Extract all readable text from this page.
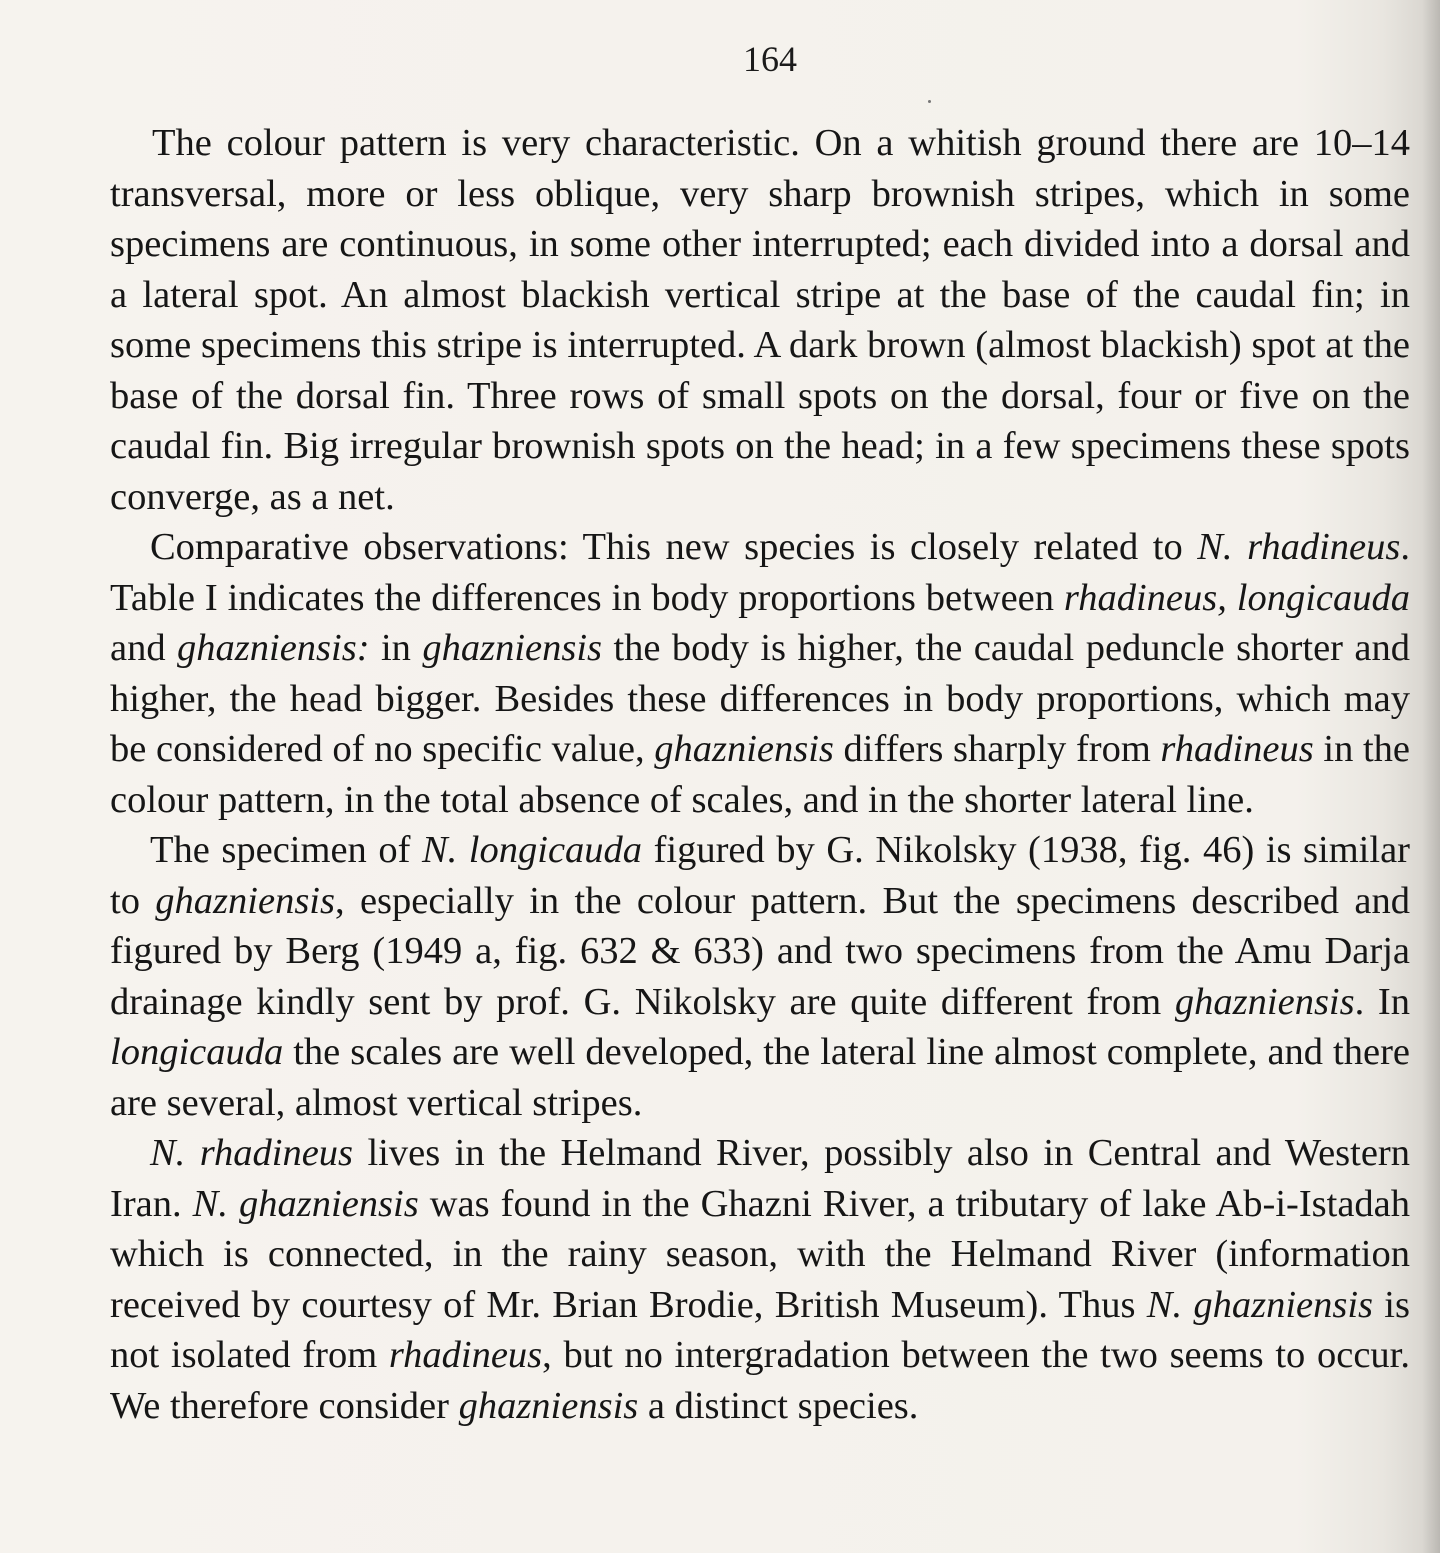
164

The colour pattern is very characteristic. On a whitish ground there are 10–14 transversal, more or less oblique, very sharp brownish stripes, which in some specimens are continuous, in some other interrupted; each divided into a dorsal and a lateral spot. An almost blackish vertical stripe at the base of the caudal fin; in some specimens this stripe is interrupted. A dark brown (almost blackish) spot at the base of the dorsal fin. Three rows of small spots on the dorsal, four or five on the caudal fin. Big irregular brownish spots on the head; in a few specimens these spots converge, as a net.

Comparative observations: This new species is closely related to N. rhadineus. Table I indicates the differences in body proportions between rhadineus, longicauda and ghazniensis: in ghazniensis the body is higher, the caudal peduncle shorter and higher, the head bigger. Besides these differences in body proportions, which may be considered of no specific value, ghazniensis differs sharply from rhadineus in the colour pattern, in the total absence of scales, and in the shorter lateral line.

The specimen of N. longicauda figured by G. Nikolsky (1938, fig. 46) is similar to ghazniensis, especially in the colour pattern. But the specimens described and figured by Berg (1949 a, fig. 632 & 633) and two specimens from the Amu Darja drainage kindly sent by prof. G. Nikolsky are quite different from ghazniensis. In longicauda the scales are well developed, the lateral line almost complete, and there are several, almost vertical stripes.

N. rhadineus lives in the Helmand River, possibly also in Central and Western Iran. N. ghazniensis was found in the Ghazni River, a tributary of lake Ab-i-Istadah which is connected, in the rainy season, with the Helmand River (information received by courtesy of Mr. Brian Brodie, British Museum). Thus N. ghazniensis is not isolated from rhadineus, but no intergradation between the two seems to occur. We therefore consider ghazniensis a distinct species.
